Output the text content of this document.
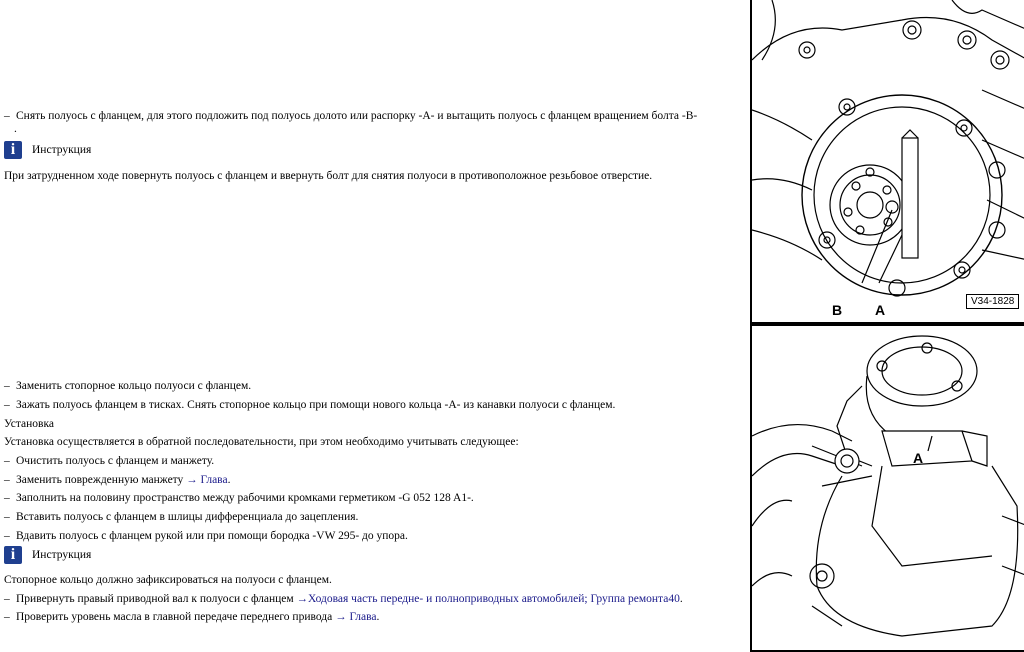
– Снять полуось с фланцем, для этого подложить под полуось долото или распорку -A- и вытащить полуось с фланцем вращением болта -B-
.
i	Инструкция
При затрудненном ходе повернуть полуось с фланцем и ввернуть болт для снятия полуоси в противоположное резьбовое отверстие.
– Заменить стопорное кольцо полуоси с фланцем.
– Зажать полуось фланцем в тисках. Снять стопорное кольцо при помощи нового кольца -A- из канавки полуоси с фланцем.
Установка
Установка осуществляется в обратной последовательности, при этом необходимо учитывать следующее:
– Очистить полуось с фланцем и манжету.
– Заменить поврежденную манжету → Глава.
– Заполнить на половину пространство между рабочими кромками герметиком -G 052 128 A1-.
– Вставить полуось с фланцем в шлицы дифференциала до зацепления.
– Вдавить полуось с фланцем рукой или при помощи бородка -VW 295- до упора.
i	Инструкция
Стопорное кольцо должно зафиксироваться на полуоси с фланцем.
– Привернуть правый приводной вал к полуоси с фланцем →Ходовая часть передне- и полноприводных автомобилей; Группа ремонта40.
– Проверить уровень масла в главной передаче переднего привода → Глава.
B A
V34-1828
A
